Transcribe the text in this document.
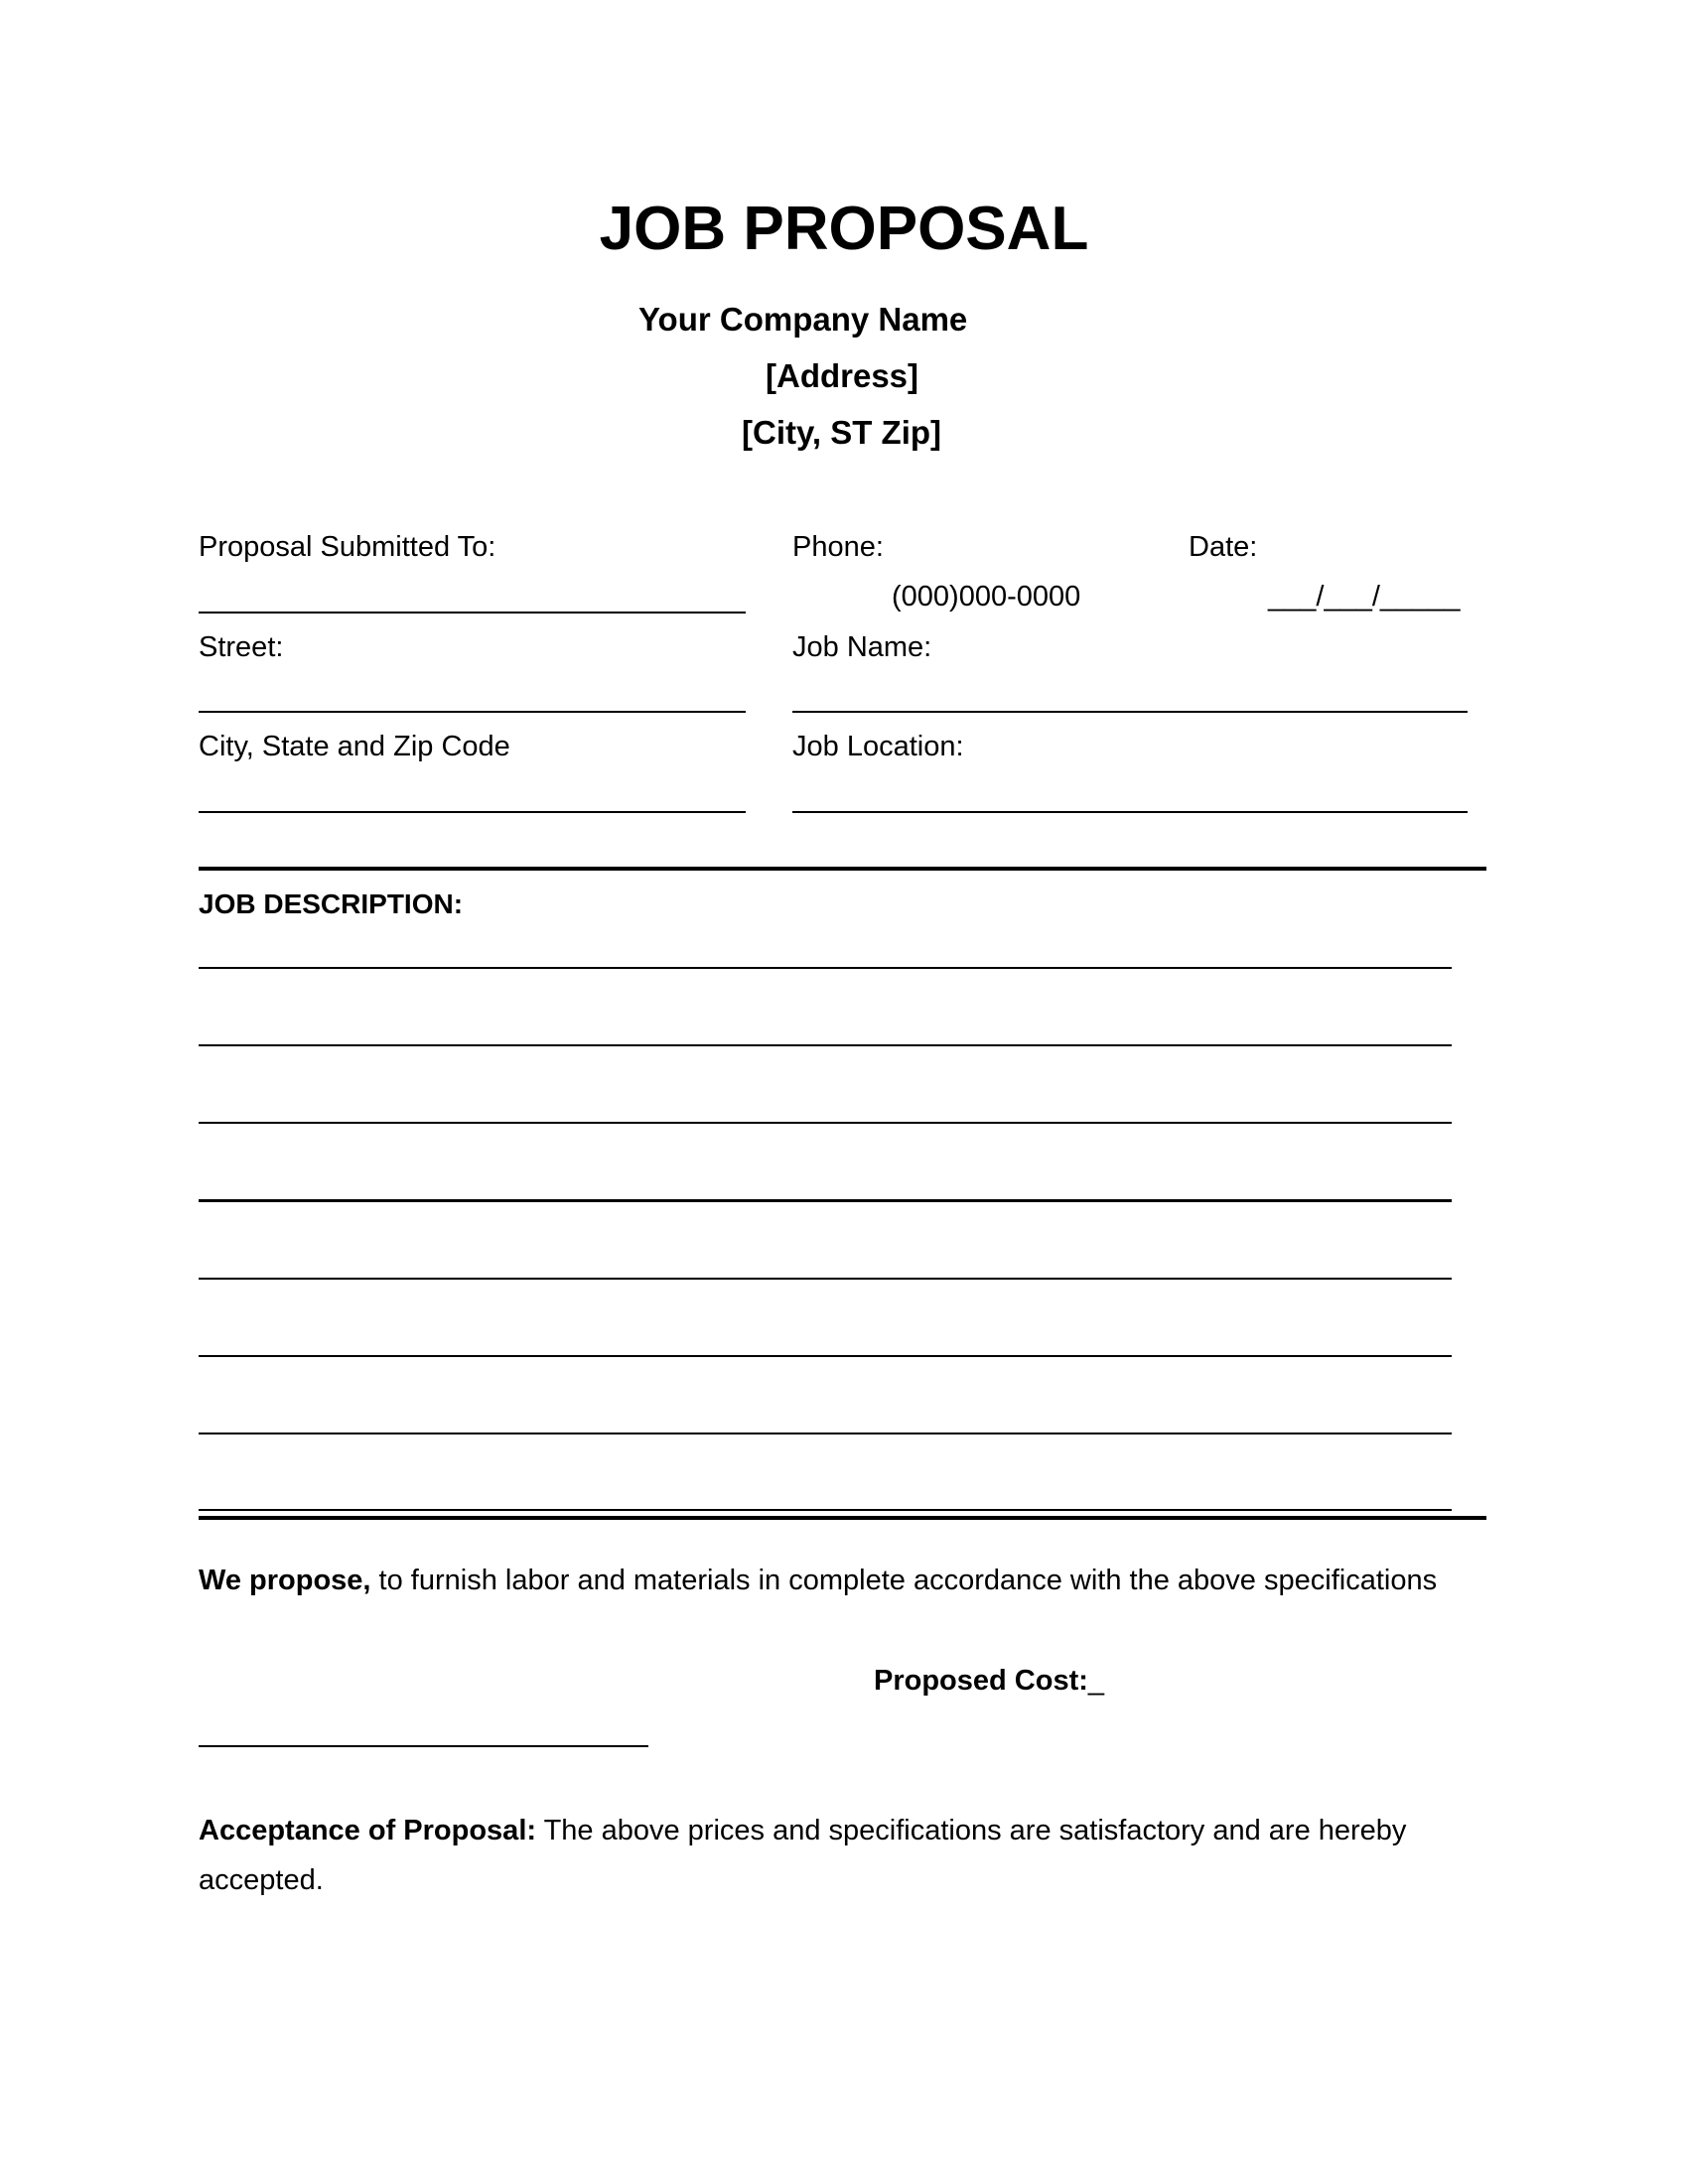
JOB PROPOSAL
Your Company Name
[Address]
[City, ST Zip]
Proposal Submitted To:	Phone:	Date:
(000)000-0000	___/___/_____
Street:	Job Name:
City, State and Zip Code	Job Location:
JOB DESCRIPTION:
We propose, to furnish labor and materials in complete accordance with the above specifications
Proposed Cost:_
Acceptance of Proposal: The above prices and specifications are satisfactory and are hereby accepted.
